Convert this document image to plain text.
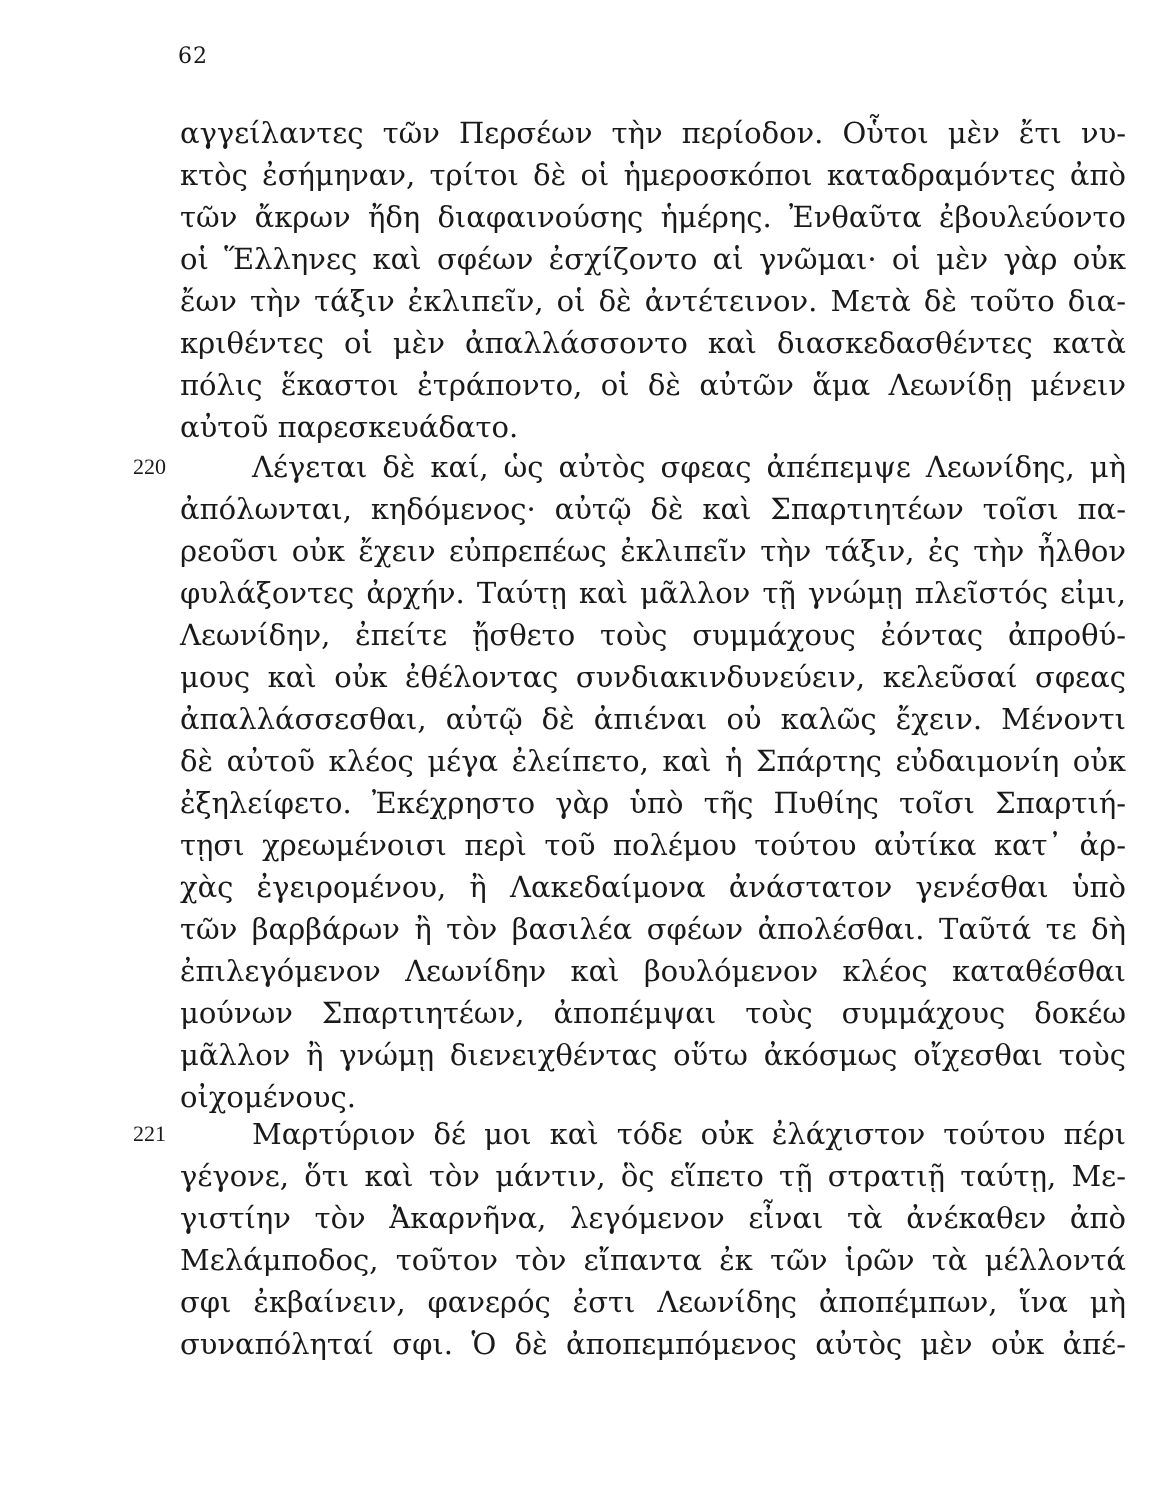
62
αγγείλαντες τῶν Περσέων τὴν περίοδον. Οὗτοι μὲν ἔτι νυ-
κτὸς ἐσήμηναν, τρίτοι δὲ οἱ ἡμεροσκόποι καταδραμόντες ἀπὸ
τῶν ἄκρων ἤδη διαφαινούσης ἡμέρης. Ἐνθαῦτα ἐβουλεύοντο
οἱ Ἕλληνες καὶ σφέων ἐσχίζοντο αἱ γνῶμαι· οἱ μὲν γὰρ οὐκ
ἔων τὴν τάξιν ἐκλιπεῖν, οἱ δὲ ἀντέτεινον. Μετὰ δὲ τοῦτο δια-
κριθέντες οἱ μὲν ἀπαλλάσσοντο καὶ διασκεδασθέντες κατὰ
πόλις ἕκαστοι ἐτράποντο, οἱ δὲ αὐτῶν ἅμα Λεωνίδῃ μένειν
αὐτοῦ παρεσκευάδατο.
220	Λέγεται δὲ καί, ὡς αὐτὸς σφεας ἀπέπεμψε Λεωνίδης, μὴ
ἀπόλωνται, κηδόμενος· αὐτῷ δὲ καὶ Σπαρτιητέων τοῖσι πα-
ρεοῦσι οὐκ ἔχειν εὐπρεπέως ἐκλιπεῖν τὴν τάξιν, ἐς τὴν ἦλθον
φυλάξοντες ἀρχήν. Ταύτῃ καὶ μᾶλλον τῇ γνώμῃ πλεῖστός εἰμι,
Λεωνίδην, ἐπείτε ᾔσθετο τοὺς συμμάχους ἐόντας ἀπροθύ-
μους καὶ οὐκ ἐθέλοντας συνδιακινδυνεύειν, κελεῦσαί σφεας
ἀπαλλάσσεσθαι, αὐτῷ δὲ ἀπιέναι οὐ καλῶς ἔχειν. Μένοντι
δὲ αὐτοῦ κλέος μέγα ἐλείπετο, καὶ ἡ Σπάρτης εὐδαιμονίη οὐκ
ἐξηλείφετο. Ἐκέχρηστο γὰρ ὑπὸ τῆς Πυθίης τοῖσι Σπαρτιή-
τῃσι χρεωμένοισι περὶ τοῦ πολέμου τούτου αὐτίκα κατ᾽ ἀρ-
χὰς ἐγειρομένου, ἢ Λακεδαίμονα ἀνάστατον γενέσθαι ὑπὸ
τῶν βαρβάρων ἢ τὸν βασιλέα σφέων ἀπολέσθαι. Ταῦτά τε δὴ
ἐπιλεγόμενον Λεωνίδην καὶ βουλόμενον κλέος καταθέσθαι
μούνων Σπαρτιητέων, ἀποπέμψαι τοὺς συμμάχους δοκέω
μᾶλλον ἢ γνώμῃ διενειχθέντας οὕτω ἀκόσμως οἴχεσθαι τοὺς
οἰχομένους.
221	Μαρτύριον δέ μοι καὶ τόδε οὐκ ἐλάχιστον τούτου πέρι
γέγονε, ὅτι καὶ τὸν μάντιν, ὃς εἵπετο τῇ στρατιῇ ταύτῃ, Με-
γιστίην τὸν Ἀκαρνῆνα, λεγόμενον εἶναι τὰ ἀνέκαθεν ἀπὸ
Μελάμποδος, τοῦτον τὸν εἴπαντα ἐκ τῶν ἱρῶν τὰ μέλλοντά
σφι ἐκβαίνειν, φανερός ἐστι Λεωνίδης ἀποπέμπων, ἵνα μὴ
συναπόληταί σφι. Ὁ δὲ ἀποπεμπόμενος αὐτὸς μὲν οὐκ ἀπέ-
